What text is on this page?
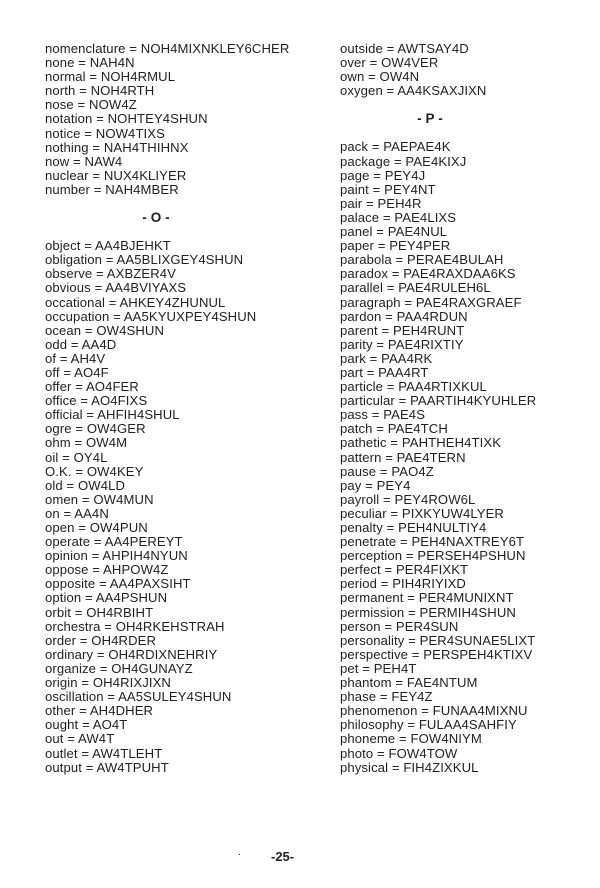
nomenclature = NOH4MIXNKLEY6CHER
none = NAH4N
normal = NOH4RMUL
north = NOH4RTH
nose = NOW4Z
notation = NOHTEY4SHUN
notice = NOW4TIXS
nothing = NAH4THIHNX
now = NAW4
nuclear = NUX4KLIYER
number = NAH4MBER
- O -
object = AA4BJEHKT
obligation = AA5BLIXGEY4SHUN
observe = AXBZER4V
obvious = AA4BVIYAXS
occational = AHKEY4ZHUNUL
occupation = AA5KYUXPEY4SHUN
ocean = OW4SHUN
odd = AA4D
of = AH4V
off = AO4F
offer = AO4FER
office = AO4FIXS
official = AHFIH4SHUL
ogre = OW4GER
ohm = OW4M
oil = OY4L
O.K. = OW4KEY
old = OW4LD
omen = OW4MUN
on = AA4N
open = OW4PUN
operate = AA4PEREYT
opinion = AHPIH4NYUN
oppose = AHPOW4Z
opposite = AA4PAXSIHT
option = AA4PSHUN
orbit = OH4RBIHT
orchestra = OH4RKEHSTRAH
order = OH4RDER
ordinary = OH4RDIXNEHRIY
organize = OH4GUNAYZ
origin = OH4RIXJIXN
oscillation = AA5SULEY4SHUN
other = AH4DHER
ought = AO4T
out = AW4T
outlet = AW4TLEHT
output = AW4TPUHT
outside = AWTSAY4D
over = OW4VER
own = OW4N
oxygen = AA4KSAXJIXN
- P -
pack = PAEPAE4K
package = PAE4KIXJ
page = PEY4J
paint = PEY4NT
pair = PEH4R
palace = PAE4LIXS
panel = PAE4NUL
paper = PEY4PER
parabola = PERAE4BULAH
paradox = PAE4RAXDAA6KS
parallel = PAE4RULEH6L
paragraph = PAE4RAXGRAEF
pardon = PAA4RDUN
parent = PEH4RUNT
parity = PAE4RIXTIY
park = PAA4RK
part = PAA4RT
particle = PAA4RTIXKUL
particular = PAARTIH4KYUHLER
pass = PAE4S
patch = PAE4TCH
pathetic = PAHTHEH4TIXK
pattern = PAE4TERN
pause = PAO4Z
pay = PEY4
payroll = PEY4ROW6L
peculiar = PIXKYUW4LYER
penalty = PEH4NULTIY4
penetrate = PEH4NAXTREY6T
perception = PERSEH4PSHUN
perfect = PER4FIXKT
period = PIH4RIYIXD
permanent = PER4MUNIXNT
permission = PERMIH4SHUN
person = PER4SUN
personality = PER4SUNAE5LIXT
perspective = PERSPEH4KTIXV
pet = PEH4T
phantom = FAE4NTUM
phase = FEY4Z
phenomenon = FUNAA4MIXNU
philosophy = FULAA4SAHFIY
phoneme = FOW4NIYM
photo = FOW4TOW
physical = FIH4ZIXKUL
. -25-
